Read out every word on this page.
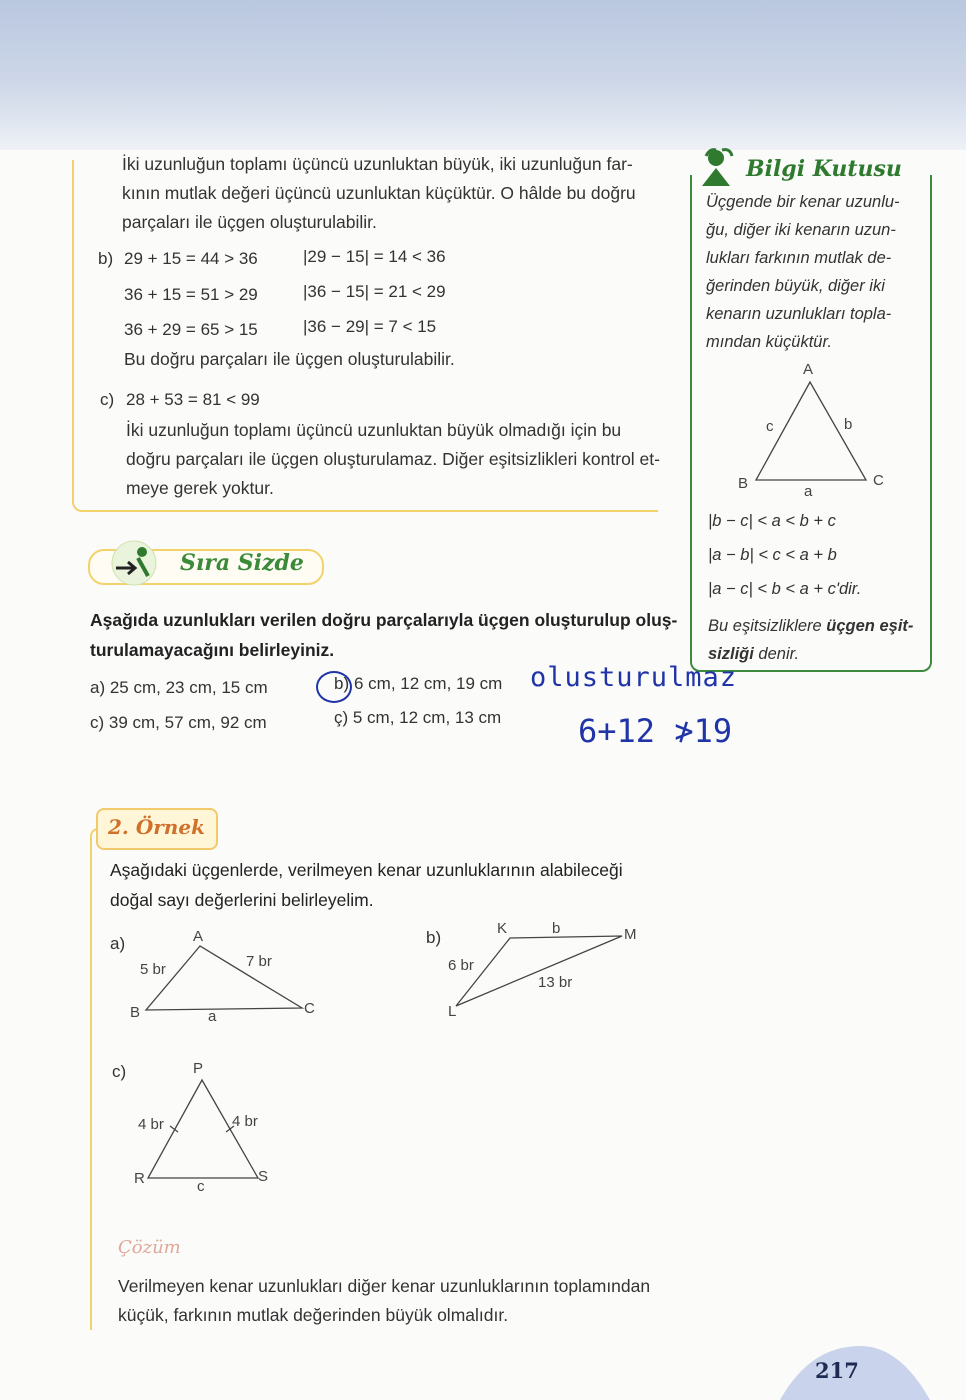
İki uzunluğun toplamı üçüncü uzunluktan büyük, iki uzunluğun far-
kının mutlak değeri üçüncü uzunluktan küçüktür. O hâlde bu doğru
parçaları ile üçgen oluşturulabilir.
b) 29 + 15 = 44 > 36	|29 − 15| = 14 < 36
36 + 15 = 51 > 29	|36 − 15| = 21 < 29
36 + 29 = 65 > 15	|36 − 29| = 7 < 15
Bu doğru parçaları ile üçgen oluşturulabilir.
c) 28 + 53 = 81 < 99
İki uzunluğun toplamı üçüncü uzunluktan büyük olmadığı için bu
doğru parçaları ile üçgen oluşturulamaz. Diğer eşitsizlikleri kontrol et-
meye gerek yoktur.
Bilgi Kutusu
Üçgende bir kenar uzunlu-
ğu, diğer iki kenarın uzun-
lukları farkının mutlak de-
ğerinden büyük, diğer iki
kenarın uzunlukları topla-
mından küçüktür.
A
B	C
c	b
a
|b − c| < a < b + c
|a − b| < c < a + b
|a − c| < b < a + c'dir.
Bu eşitsizliklere üçgen eşit-
sizliği denir.
Sıra Sizde
Aşağıda uzunlukları verilen doğru parçalarıyla üçgen oluşturulup oluş-
turulamayacağını belirleyiniz.
a) 25 cm, 23 cm, 15 cm	b) 6 cm, 12 cm, 19 cm
c) 39 cm, 57 cm, 92 cm	ç) 5 cm, 12 cm, 13 cm
olusturulmaz
6+12 ≯19
2. Örnek
Aşağıdaki üçgenlerde, verilmeyen kenar uzunluklarının alabileceği
doğal sayı değerlerini belirleyelim.
a)	A
B	C
5 br	7 br
a
b)	K
L
M
6 br
b
13 br
c)	P
R	S
4 br	4 br
c
Çözüm
Verilmeyen kenar uzunlukları diğer kenar uzunluklarının toplamından
küçük, farkının mutlak değerinden büyük olmalıdır.
217
